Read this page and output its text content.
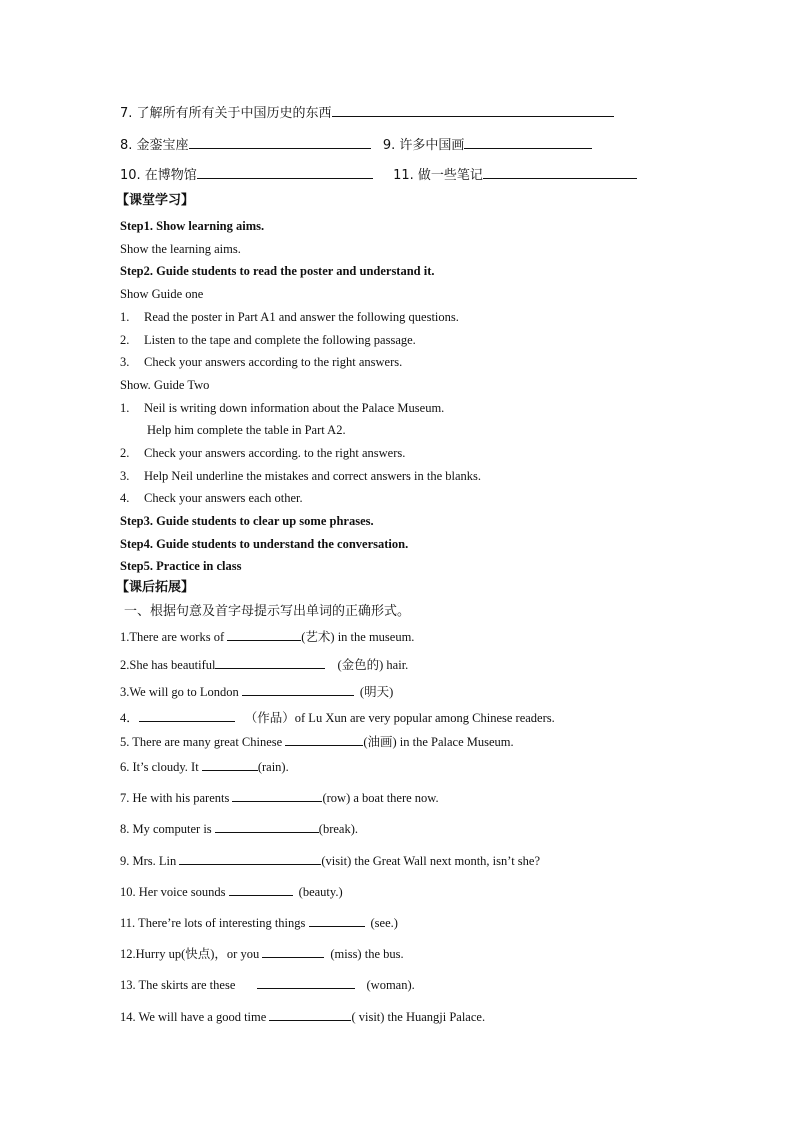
7. 了解所有所有关于中国历史的东西
8. 金銮宝座	9. 许多中国画
10. 在博物馆	11. 做一些笔记
【课堂学习】
Step1. Show learning aims.
Show the learning aims.
Step2. Guide students to read the poster and understand it.
Show Guide one
1. Read the poster in Part A1 and answer the following questions.
2. Listen to the tape and complete the following passage.
3. Check your answers according to the right answers.
Show. Guide Two
1. Neil is writing down information about the Palace Museum.
Help him complete the table in Part A2.
2. Check your answers according. to the right answers.
3. Help Neil underline the mistakes and correct answers in the blanks.
4. Check your answers each other.
Step3. Guide students to clear up some phrases.
Step4. Guide students to understand the conversation.
Step5. Practice in class
【课后拓展】
一、根据句意及首字母提示写出单词的正确形式。
1.There are works of	(艺术) in the museum.
2.She has beautiful	(金色的) hair.
3.We will go to London	(明天)
4．	（作品）of Lu Xun are very popular among Chinese readers.
5. There are many great Chinese	(油画) in the Palace Museum.
6. It’s cloudy. It	(rain).
7. He with his parents	(row) a boat there now.
8. My computer is	(break).
9. Mrs. Lin	(visit) the Great Wall next month, isn’t she?
10. Her voice sounds	(beauty.)
11. There’re lots of interesting things	(see.)
12.Hurry up(快点)，or you	(miss) the bus.
13. The skirts are these	(woman).
14. We will have a good time	( visit) the Huangji Palace.
